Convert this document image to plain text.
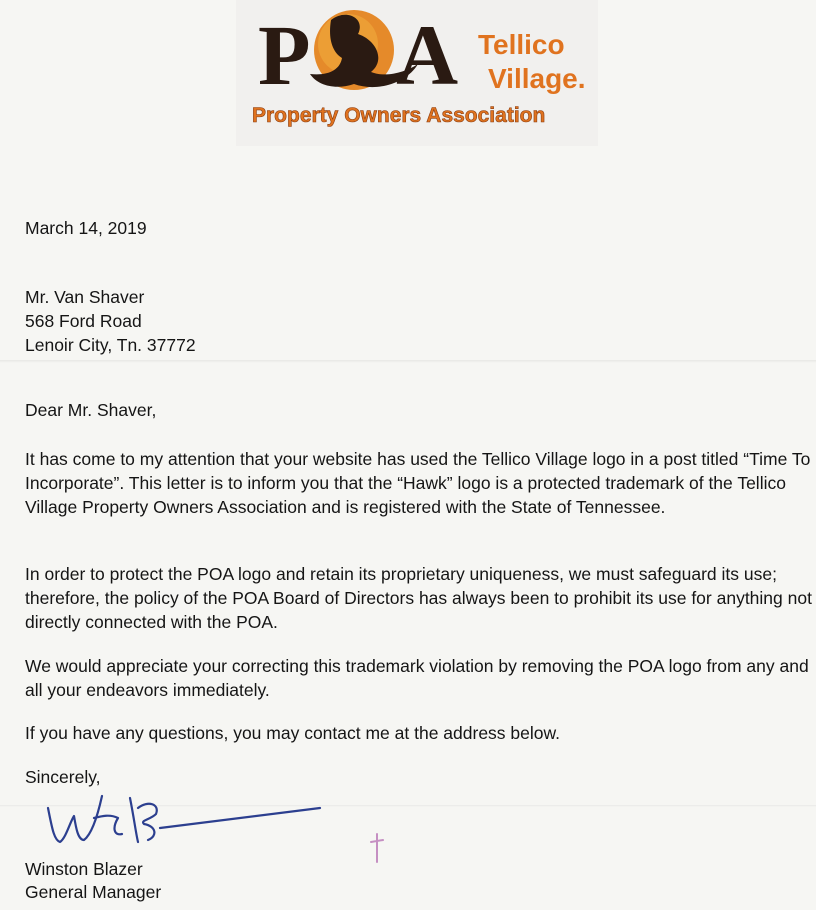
P A Tellico
Village.
Property Owners Association
March 14, 2019
Mr. Van Shaver
568 Ford Road
Lenoir City, Tn. 37772
Dear Mr. Shaver,
It has come to my attention that your website has used the Tellico Village logo in a post titled “Time To Incorporate”. This letter is to inform you that the “Hawk” logo is a protected trademark of the Tellico Village Property Owners Association and is registered with the State of Tennessee.
In order to protect the POA logo and retain its proprietary uniqueness, we must safeguard its use; therefore, the policy of the POA Board of Directors has always been to prohibit its use for anything not directly connected with the POA.
We would appreciate your correcting this trademark violation by removing the POA logo from any and all your endeavors immediately.
If you have any questions, you may contact me at the address below.
Sincerely,
Winston Blazer
General Manager
